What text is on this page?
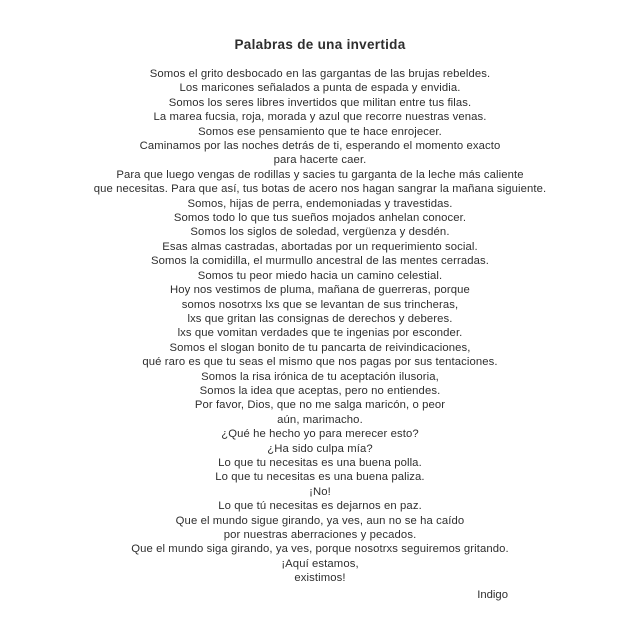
Palabras de una invertida

Somos el grito desbocado en las gargantas de las brujas rebeldes.

Los maricones señalados a punta de espada y envidia.

Somos los seres libres invertidos que militan entre tus filas.

La marea fucsia, roja, morada y azul que recorre nuestras venas.

Somos ese pensamiento que te hace enrojecer.

Caminamos por las noches detrás de ti, esperando el momento exacto

para hacerte caer.

Para que luego vengas de rodillas y sacies tu garganta de la leche más caliente

que necesitas. Para que así, tus botas de acero nos hagan sangrar la mañana siguiente.

Somos, hijas de perra, endemoniadas y travestidas.

Somos todo lo que tus sueños mojados anhelan conocer.

Somos los siglos de soledad, vergüenza y desdén.

Esas almas castradas, abortadas por un requerimiento social.

Somos la comidilla, el murmullo ancestral de las mentes cerradas.

Somos tu peor miedo hacia un camino celestial.

Hoy nos vestimos de pluma, mañana de guerreras, porque

somos nosotrxs lxs que se levantan de sus trincheras,

lxs que gritan las consignas de derechos y deberes.

lxs que vomitan verdades que te ingenias por esconder.

Somos el slogan bonito de tu pancarta de reivindicaciones,

qué raro es que tu seas el mismo que nos pagas por sus tentaciones.

Somos la risa irónica de tu aceptación ilusoria,

Somos la idea que aceptas, pero no entiendes.

Por favor, Dios, que no me salga maricón, o peor

aún, marimacho.

¿Qué he hecho yo para merecer esto?

¿Ha sido culpa mía?

Lo que tu necesitas es una buena polla.

Lo que tu necesitas es una buena paliza.

¡No!

Lo que tú necesitas es dejarnos en paz.

Que el mundo sigue girando, ya ves, aun no se ha caído

por nuestras aberraciones y pecados.

Que el mundo siga girando, ya ves, porque nosotrxs seguiremos gritando.

¡Aquí estamos,

existimos!

Indigo
